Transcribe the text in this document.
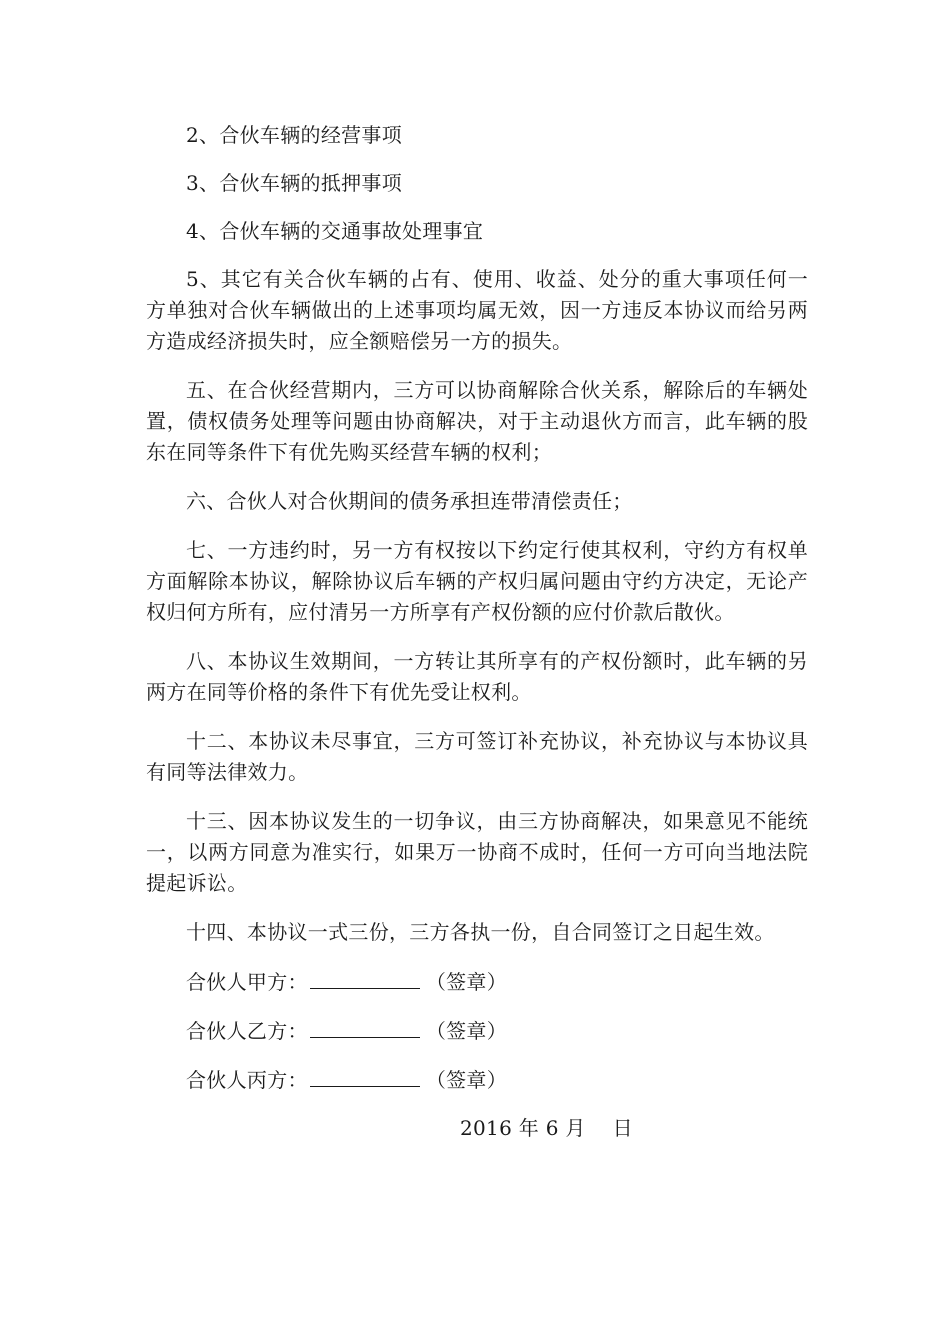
2、合伙车辆的经营事项

3、合伙车辆的抵押事项

4、合伙车辆的交通事故处理事宜

5、其它有关合伙车辆的占有、使用、收益、处分的重大事项任何一方单独对合伙车辆做出的上述事项均属无效，因一方违反本协议而给另两方造成经济损失时，应全额赔偿另一方的损失。

五、在合伙经营期内，三方可以协商解除合伙关系，解除后的车辆处置，债权债务处理等问题由协商解决，对于主动退伙方而言，此车辆的股东在同等条件下有优先购买经营车辆的权利；

六、合伙人对合伙期间的债务承担连带清偿责任；

七、一方违约时，另一方有权按以下约定行使其权利，守约方有权单方面解除本协议，解除协议后车辆的产权归属问题由守约方决定，无论产权归何方所有，应付清另一方所享有产权份额的应付价款后散伙。

八、本协议生效期间，一方转让其所享有的产权份额时，此车辆的另两方在同等价格的条件下有优先受让权利。

十二、本协议未尽事宜，三方可签订补充协议，补充协议与本协议具有同等法律效力。

十三、因本协议发生的一切争议，由三方协商解决，如果意见不能统一，以两方同意为准实行，如果万一协商不成时，任何一方可向当地法院提起诉讼。

十四、本协议一式三份，三方各执一份，自合同签订之日起生效。

合伙人甲方：	（签章）
合伙人乙方：	（签章）
合伙人丙方：	（签章）
2016 年 6 月　 日
